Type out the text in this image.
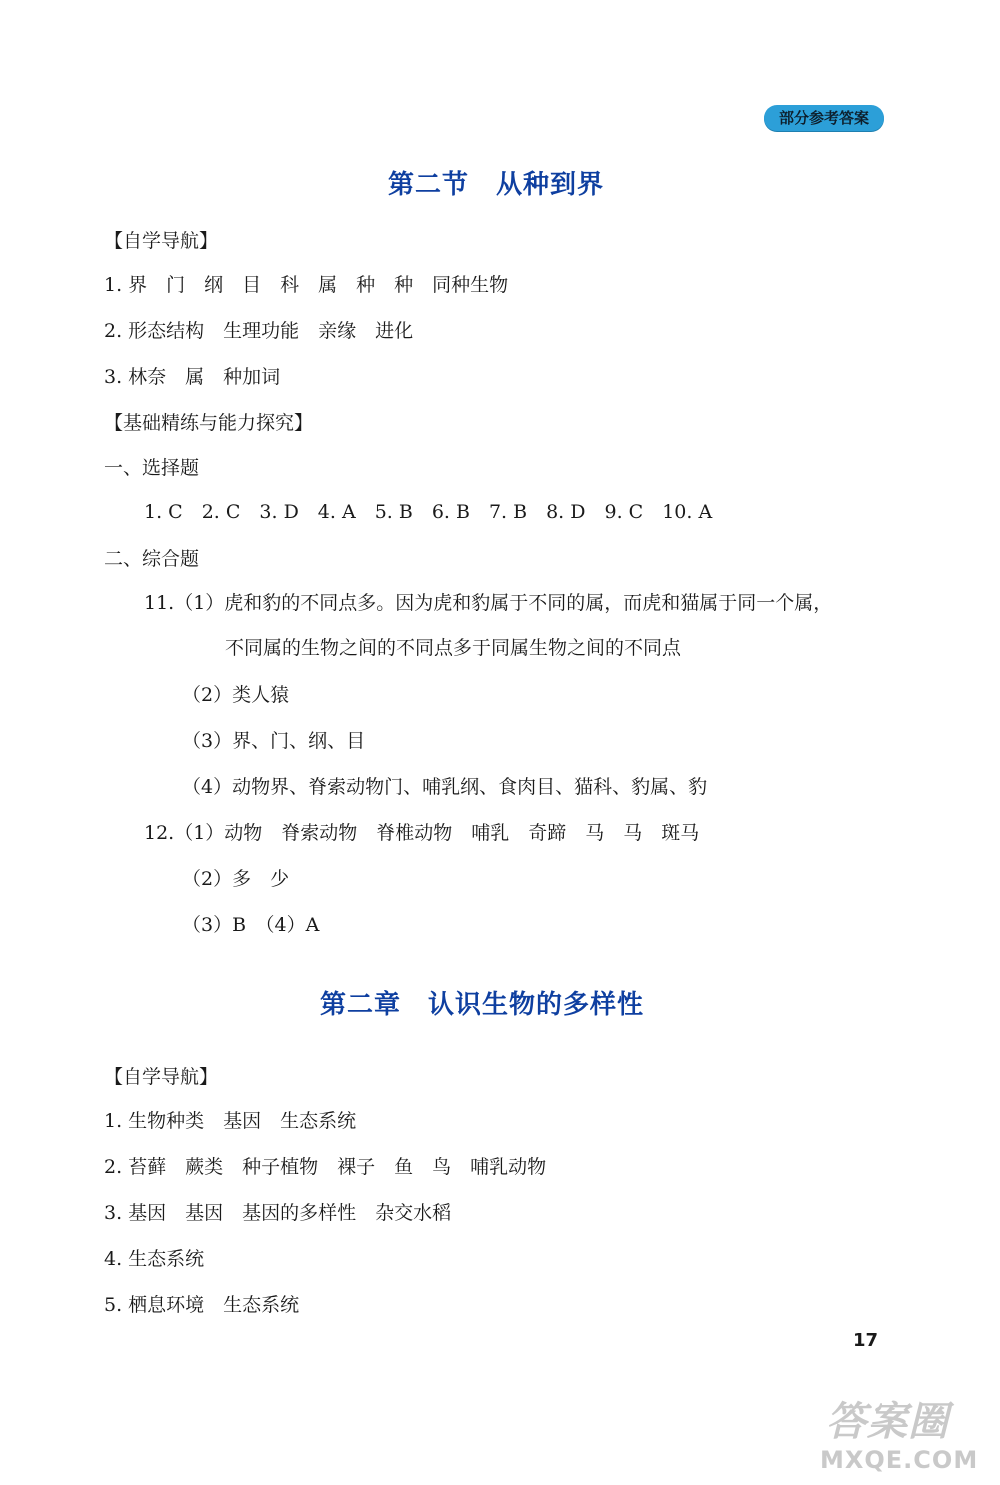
部分参考答案
第二节　从种到界
【自学导航】
1. 界　门　纲　目　科　属　种　种　同种生物
2. 形态结构　生理功能　亲缘　进化
3. 林奈　属　种加词
【基础精练与能力探究】
一、选择题
1. C　2. C　3. D　4. A　5. B　6. B　7. B　8. D　9. C　10. A
二、综合题
11.（1）虎和豹的不同点多。因为虎和豹属于不同的属，而虎和猫属于同一个属，
不同属的生物之间的不同点多于同属生物之间的不同点
（2）类人猿
（3）界、门、纲、目
（4）动物界、脊索动物门、哺乳纲、食肉目、猫科、豹属、豹
12.（1）动物　脊索动物　脊椎动物　哺乳　奇蹄　马　马　斑马
（2）多　少
（3）B　（4）A
第二章　认识生物的多样性
【自学导航】
1. 生物种类　基因　生态系统
2. 苔藓　蕨类　种子植物　裸子　鱼　鸟　哺乳动物
3. 基因　基因　基因的多样性　杂交水稻
4. 生态系统
5. 栖息环境　生态系统
17
答案圈
MXQE.COM
